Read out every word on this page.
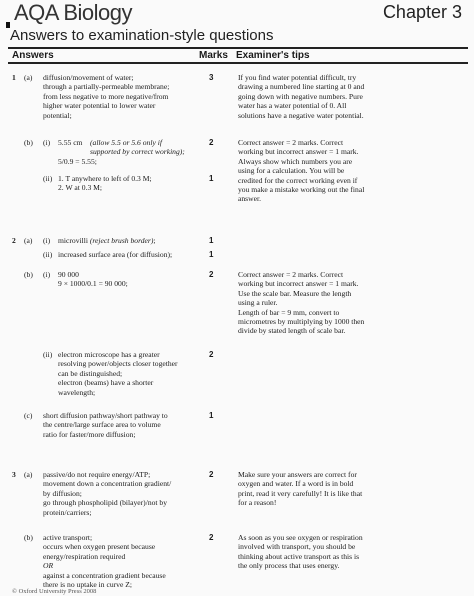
AQA Biology	Chapter 3
Answers to examination-style questions
Answers	Marks Examiner's tips
1 (a) diffusion/movement of water;
through a partially-permeable membrane;
from less negative to more negative/from
higher water potential to lower water
potential;
3	If you find water potential difficult, try
drawing a numbered line starting at 0 and
going down with negative numbers. Pure
water has a water potential of 0. All
solutions have a negative water potential.
(b) (i) 5.55 cm (allow 5.5 or 5.6 only if
supported by correct working);
5/0.9 = 5.55;
2	Correct answer = 2 marks. Correct
working but incorrect answer = 1 mark.
Always show which numbers you are
using for a calculation. You will be
credited for the correct working even if
you make a mistake working out the final
answer.
(ii) 1. T anywhere to left of 0.3 M;
2. W at 0.3 M;
1
2 (a) (i) microvilli (reject brush border);	1
(ii) increased surface area (for diffusion);	1
(b) (i) 90 000
9 × 1000/0.1 = 90 000;
2	Correct answer = 2 marks. Correct
working but incorrect answer = 1 mark.
Use the scale bar. Measure the length
using a ruler.
Length of bar = 9 mm, convert to
micrometres by multiplying by 1000 then
divide by stated length of scale bar.
(ii) electron microscope has a greater
resolving power/objects closer together
can be distinguished;
electron (beams) have a shorter
wavelength;
2
(c) short diffusion pathway/short pathway to
the centre/large surface area to volume
ratio for faster/more diffusion;
1
3 (a) passive/do not require energy/ATP;
movement down a concentration gradient/
by diffusion;
go through phospholipid (bilayer)/not by
protein/carriers;
2	Make sure your answers are correct for
oxygen and water. If a word is in bold
print, read it very carefully! It is like that
for a reason!
(b) active transport;
occurs when oxygen present because
energy/respiration required
OR
against a concentration gradient because
there is no uptake in curve Z;
2	As soon as you see oxygen or respiration
involved with transport, you should be
thinking about active transport as this is
the only process that uses energy.
© Oxford University Press 2008
